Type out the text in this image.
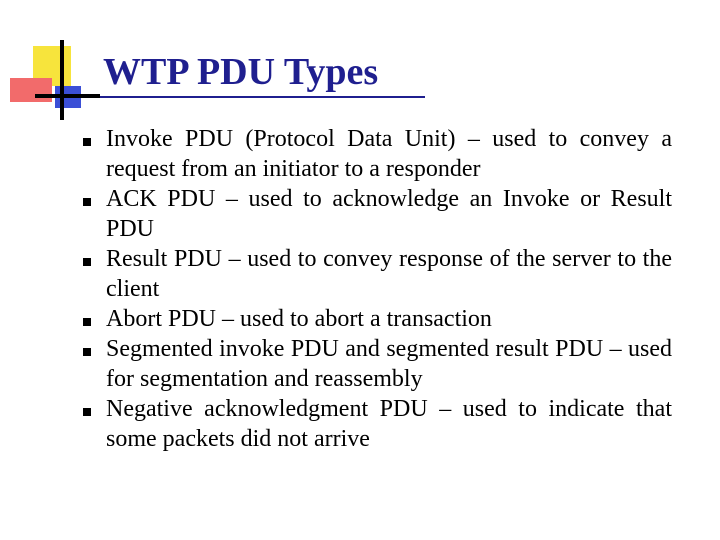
WTP PDU Types
Invoke PDU (Protocol Data Unit) – used to convey a request from an initiator to a responder
ACK PDU – used to acknowledge an Invoke or Result PDU
Result PDU – used to convey response of the server to the client
Abort PDU – used to abort a transaction
Segmented invoke PDU and segmented result PDU – used for segmentation and reassembly
Negative acknowledgment PDU – used to indicate that some packets did not arrive
